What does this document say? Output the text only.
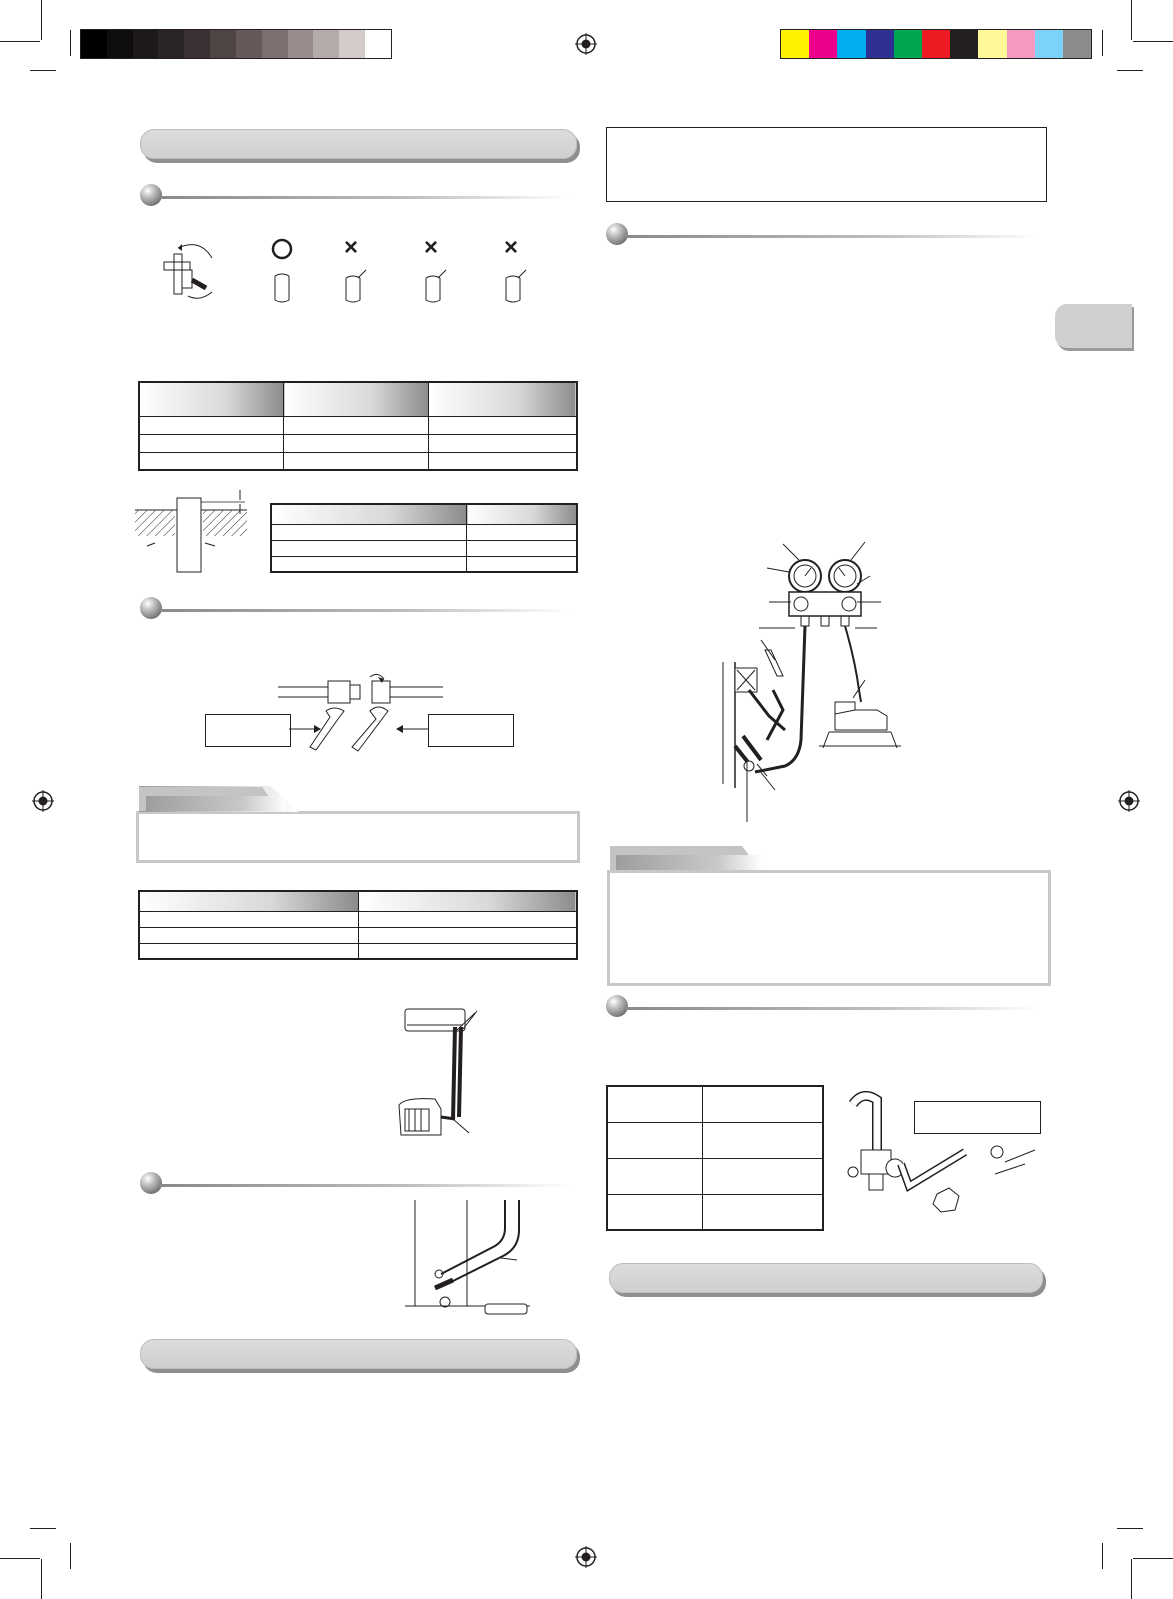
O ×	×	×
